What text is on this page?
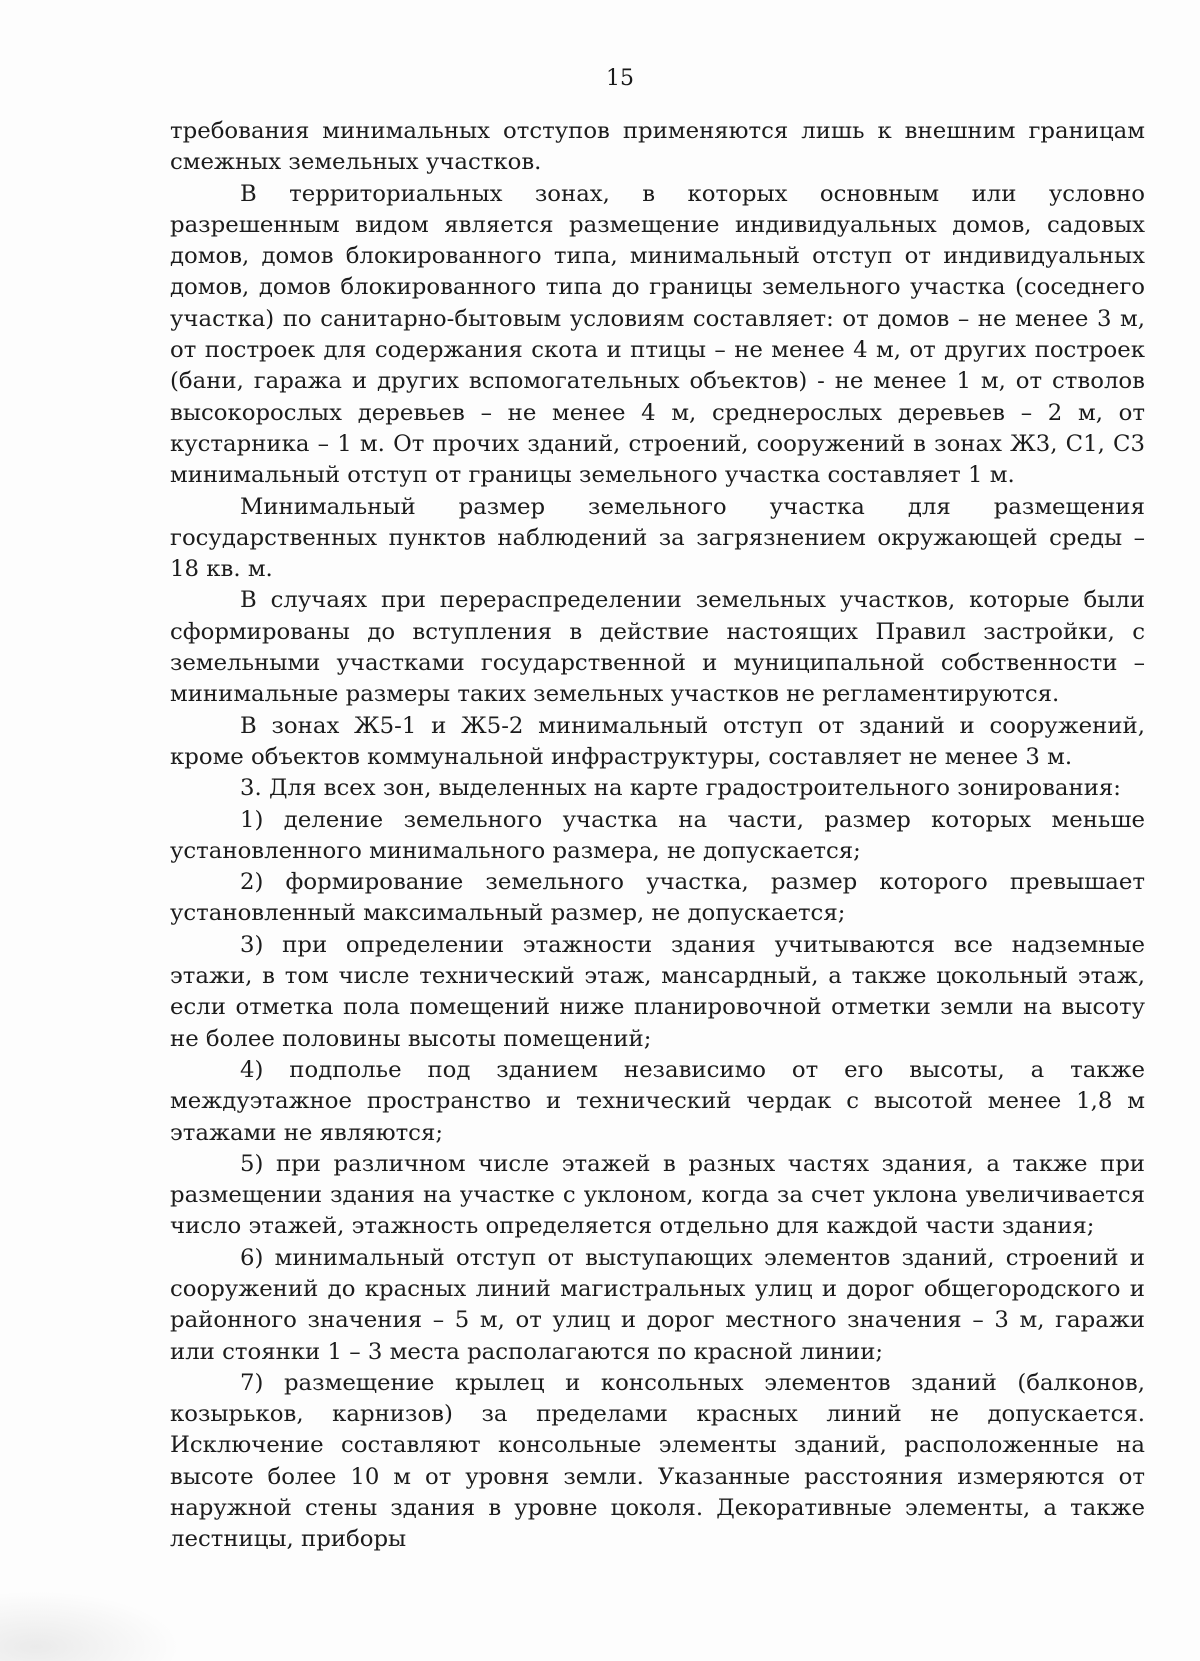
15

требования минимальных отступов применяются лишь к внешним границам смежных земельных участков.

В территориальных зонах, в которых основным или условно разрешенным видом является размещение индивидуальных домов, садовых домов, домов блокированного типа, минимальный отступ от индивидуальных домов, домов блокированного типа до границы земельного участка (соседнего участка) по санитарно-бытовым условиям составляет: от домов – не менее 3 м, от построек для содержания скота и птицы – не менее 4 м, от других построек (бани, гаража и других вспомогательных объектов) - не менее 1 м, от стволов высокорослых деревьев – не менее 4 м, среднерослых деревьев – 2 м, от кустарника – 1 м. От прочих зданий, строений, сооружений в зонах Ж3, С1, С3 минимальный отступ от границы земельного участка составляет 1 м.

Минимальный размер земельного участка для размещения государственных пунктов наблюдений за загрязнением окружающей среды – 18 кв. м.

В случаях при перераспределении земельных участков, которые были сформированы до вступления в действие настоящих Правил застройки, с земельными участками государственной и муниципальной собственности – минимальные размеры таких земельных участков не регламентируются.

В зонах Ж5-1 и Ж5-2 минимальный отступ от зданий и сооружений, кроме объектов коммунальной инфраструктуры, составляет не менее 3 м.

3. Для всех зон, выделенных на карте градостроительного зонирования:

1) деление земельного участка на части, размер которых меньше установленного минимального размера, не допускается;

2) формирование земельного участка, размер которого превышает установленный максимальный размер, не допускается;

3) при определении этажности здания учитываются все надземные этажи, в том числе технический этаж, мансардный, а также цокольный этаж, если отметка пола помещений ниже планировочной отметки земли на высоту не более половины высоты помещений;

4) подполье под зданием независимо от его высоты, а также междуэтажное пространство и технический чердак с высотой менее 1,8 м этажами не являются;

5) при различном числе этажей в разных частях здания, а также при размещении здания на участке с уклоном, когда за счет уклона увеличивается число этажей, этажность определяется отдельно для каждой части здания;

6) минимальный отступ от выступающих элементов зданий, строений и сооружений до красных линий магистральных улиц и дорог общегородского и районного значения – 5 м, от улиц и дорог местного значения – 3 м, гаражи или стоянки 1 – 3 места располагаются по красной линии;

7) размещение крылец и консольных элементов зданий (балконов, козырьков, карнизов) за пределами красных линий не допускается. Исключение составляют консольные элементы зданий, расположенные на высоте более 10 м от уровня земли. Указанные расстояния измеряются от наружной стены здания в уровне цоколя. Декоративные элементы, а также лестницы, приборы
